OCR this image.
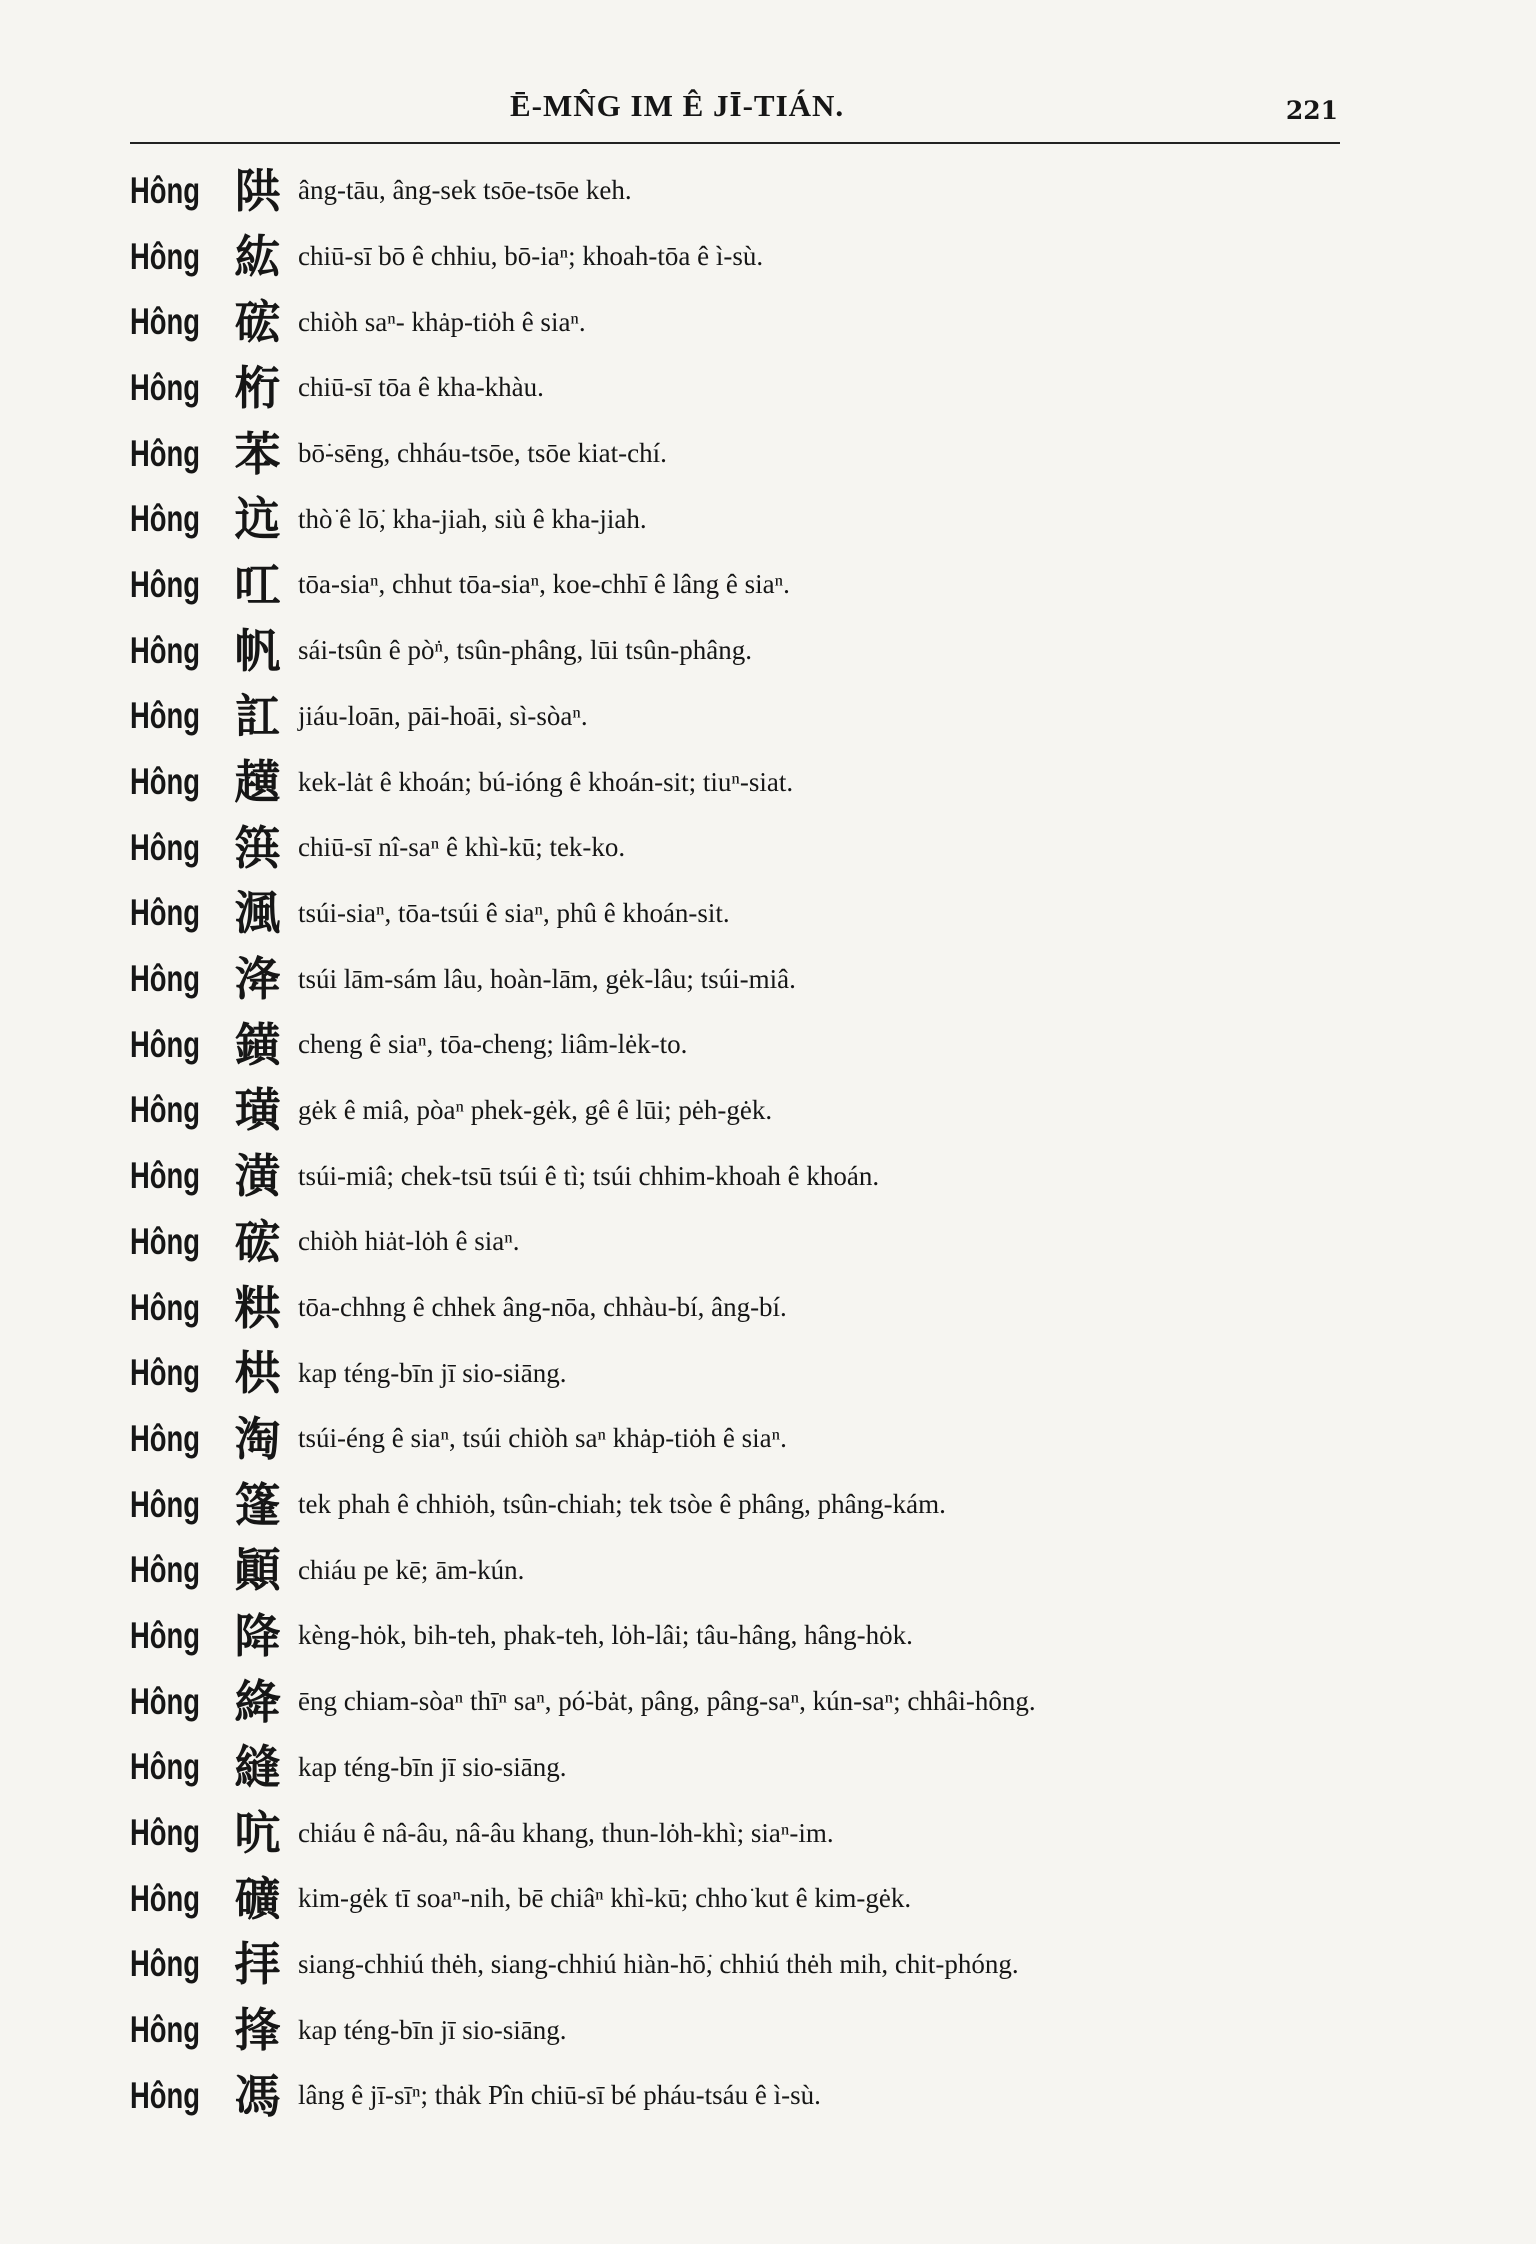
Ē-MN̂G IM Ê JĪ-TIÁN.	221
Hông 䧆 âng-tāu, âng-sek tsōe-tsōe keh.
Hông 紘 chiū-sī bō ê chhiu, bō-iaⁿ; khoah-tōa ê ì-sù.
Hông 硡 chiòh saⁿ- khȧp-tiȯh ê siaⁿ.
Hông 桁 chiū-sī tōa ê kha-khàu.
Hông 苯 bō͘-sēng, chháu-tsōe, tsōe kiat-chí.
Hông 迒 thò͘ ê lō͘, kha-jiah, siù ê kha-jiah.
Hông 叿 tōa-siaⁿ, chhut tōa-siaⁿ, koe-chhī ê lâng ê siaⁿ.
Hông 帆 sái-tsûn ê pò͘ⁿ, tsûn-phâng, lūi tsûn-phâng.
Hông 訌 jiáu-loān, pāi-hoāi, sì-sòaⁿ.
Hông 趪 kek-lȧt ê khoán; bú-ióng ê khoán-sit; tiuⁿ-siat.
Hông 篊 chiū-sī nî-saⁿ ê khì-kū; tek-ko.
Hông 渢 tsúi-siaⁿ, tōa-tsúi ê siaⁿ, phû ê khoán-sit.
Hông 洚 tsúi lām-sám lâu, hoàn-lām, gėk-lâu; tsúi-miâ.
Hông 鐄 cheng ê siaⁿ, tōa-cheng; liâm-lėk-to.
Hông 璜 gėk ê miâ, pòaⁿ phek-gėk, gê ê lūi; pėh-gėk.
Hông 潢 tsúi-miâ; chek-tsū tsúi ê tì; tsúi chhim-khoah ê khoán.
Hông 硡 chiòh hiȧt-lȯh ê siaⁿ.
Hông 粠 tōa-chhng ê chhek âng-nōa, chhàu-bí, âng-bí.
Hông 栱 kap téng-bīn jī sio-siāng.
Hông 淘 tsúi-éng ê siaⁿ, tsúi chiòh saⁿ khȧp-tiȯh ê siaⁿ.
Hông 篷 tek phah ê chhiȯh, tsûn-chiah; tek tsòe ê phâng, phâng-kám.
Hông 顚 chiáu pe kē; ām-kún.
Hông 降 kèng-hȯk, bih-teh, phak-teh, lȯh-lâi; tâu-hâng, hâng-hȯk.
Hông 絳 ēng chiam-sòaⁿ thīⁿ saⁿ, pó͘-bȧt, pâng, pâng-saⁿ, kún-saⁿ; chhâi-hông.
Hông 縫 kap téng-bīn jī sio-siāng.
Hông 吭 chiáu ê nâ-âu, nâ-âu khang, thun-lȯh-khì; siaⁿ-im.
Hông 礦 kim-gėk tī soaⁿ-nih, bē chiâⁿ khì-kū; chho͘ kut ê kim-gėk.
Hông 拝 siang-chhiú thėh, siang-chhiú hiàn-hō͘, chhiú thėh mih, chit-phóng.
Hông 捀 kap téng-bīn jī sio-siāng.
Hông 馮 lâng ê jī-sīⁿ; thȧk Pîn chiū-sī bé pháu-tsáu ê ì-sù.
